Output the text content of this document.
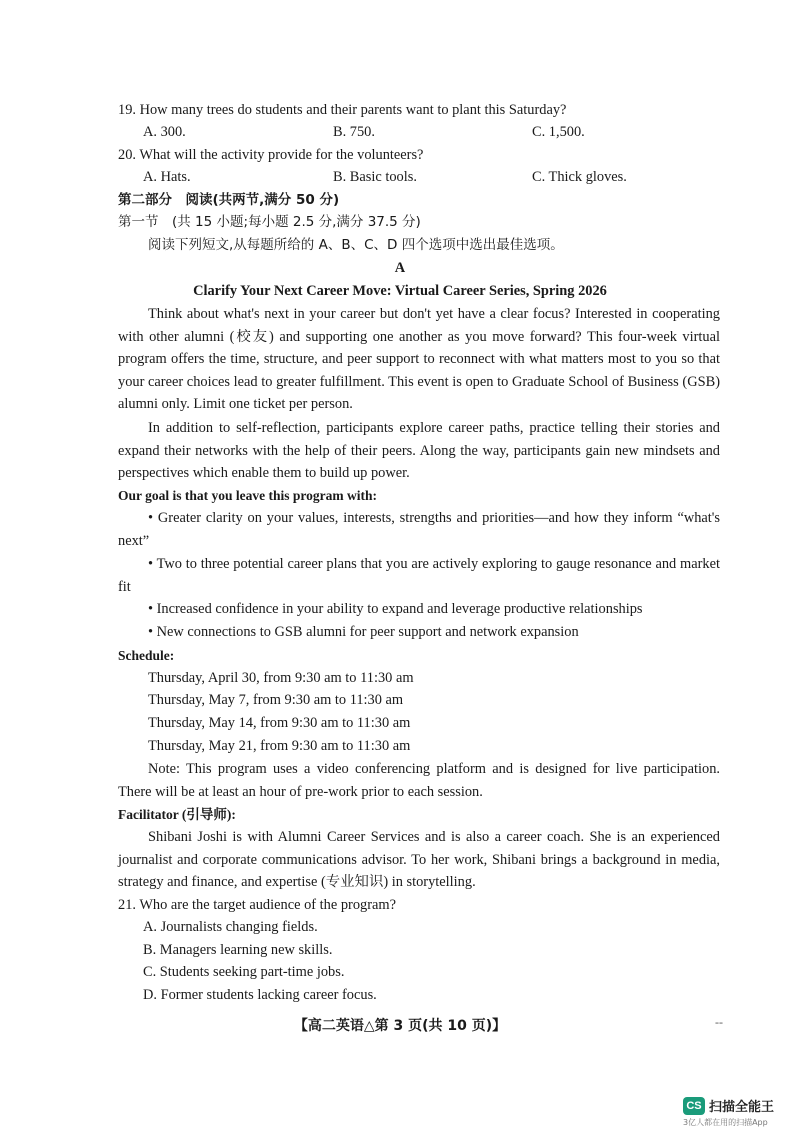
19. How many trees do students and their parents want to plant this Saturday?
A. 300.	B. 750.	C. 1,500.
20. What will the activity provide for the volunteers?
A. Hats.	B. Basic tools.	C. Thick gloves.
第二部分　阅读(共两节,满分 50 分)
第一节　(共 15 小题;每小题 2.5 分,满分 37.5 分)
阅读下列短文,从每题所给的 A、B、C、D 四个选项中选出最佳选项。
A
Clarify Your Next Career Move: Virtual Career Series, Spring 2026
Think about what's next in your career but don't yet have a clear focus? Interested in cooperating with other alumni (校友) and supporting one another as you move forward? This four-week virtual program offers the time, structure, and peer support to reconnect with what matters most to you so that your career choices lead to greater fulfillment. This event is open to Graduate School of Business (GSB) alumni only. Limit one ticket per person.
In addition to self-reflection, participants explore career paths, practice telling their stories and expand their networks with the help of their peers. Along the way, participants gain new mindsets and perspectives which enable them to build up power.
Our goal is that you leave this program with:
• Greater clarity on your values, interests, strengths and priorities—and how they inform “what's next”
• Two to three potential career plans that you are actively exploring to gauge resonance and market fit
• Increased confidence in your ability to expand and leverage productive relationships
• New connections to GSB alumni for peer support and network expansion
Schedule:
Thursday, April 30, from 9:30 am to 11:30 am
Thursday, May 7, from 9:30 am to 11:30 am
Thursday, May 14, from 9:30 am to 11:30 am
Thursday, May 21, from 9:30 am to 11:30 am
Note: This program uses a video conferencing platform and is designed for live participation. There will be at least an hour of pre-work prior to each session.
Facilitator (引导师):
Shibani Joshi is with Alumni Career Services and is also a career coach. She is an experienced journalist and corporate communications advisor. To her work, Shibani brings a background in media, strategy and finance, and expertise (专业知识) in storytelling.
21. Who are the target audience of the program?
A. Journalists changing fields.
B. Managers learning new skills.
C. Students seeking part-time jobs.
D. Former students lacking career focus.
【高二英语△第 3 页(共 10 页)】	--
CS 扫描全能王
3亿人都在用的扫描App
